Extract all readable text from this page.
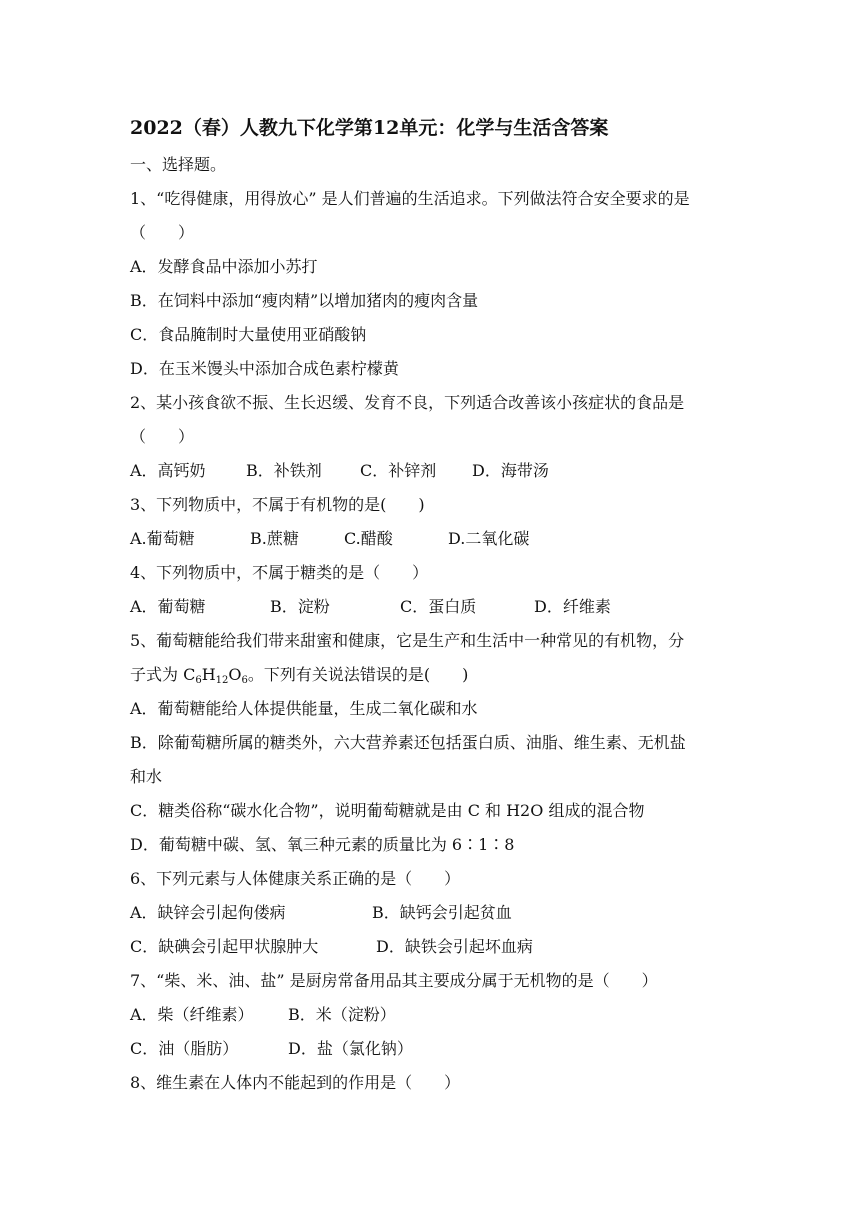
2022（春）人教九下化学第12单元：化学与生活含答案
一、选择题。
1、“吃得健康，用得放心” 是人们普遍的生活追求。下列做法符合安全要求的是
（　　）
A．发酵食品中添加小苏打
B．在饲料中添加“瘦肉精”以增加猪肉的瘦肉含量
C．食品腌制时大量使用亚硝酸钠
D．在玉米馒头中添加合成色素柠檬黄
2、某小孩食欲不振、生长迟缓、发育不良，下列适合改善该小孩症状的食品是
（　　）
A．高钙奶	B．补铁剂 C．补锌剂 D．海带汤
3、下列物质中，不属于有机物的是(　　)
A.葡萄糖	B.蔗糖	C.醋酸	D.二氧化碳
4、下列物质中，不属于糖类的是（　　）
A．葡萄糖	B．淀粉	C．蛋白质	D．纤维素
5、葡萄糖能给我们带来甜蜜和健康，它是生产和生活中一种常见的有机物，分
子式为 $C_6H_{12}O_6$。下列有关说法错误的是(　　)
A．葡萄糖能给人体提供能量，生成二氧化碳和水
B．除葡萄糖所属的糖类外，六大营养素还包括蛋白质、油脂、维生素、无机盐
和水
C．糖类俗称“碳水化合物”，说明葡萄糖就是由 C 和 H2O 组成的混合物
D．葡萄糖中碳、氢、氧三种元素的质量比为 6∶1∶8
6、下列元素与人体健康关系正确的是（　　）
A．缺锌会引起佝偻病	B．缺钙会引起贫血
C．缺碘会引起甲状腺肿大	D．缺铁会引起坏血病
7、“柴、米、油、盐” 是厨房常备用品其主要成分属于无机物的是（　　）
A．柴（纤维素） B．米（淀粉）
C．油（脂肪）	D．盐（氯化钠）
8、维生素在人体内不能起到的作用是（　　）
